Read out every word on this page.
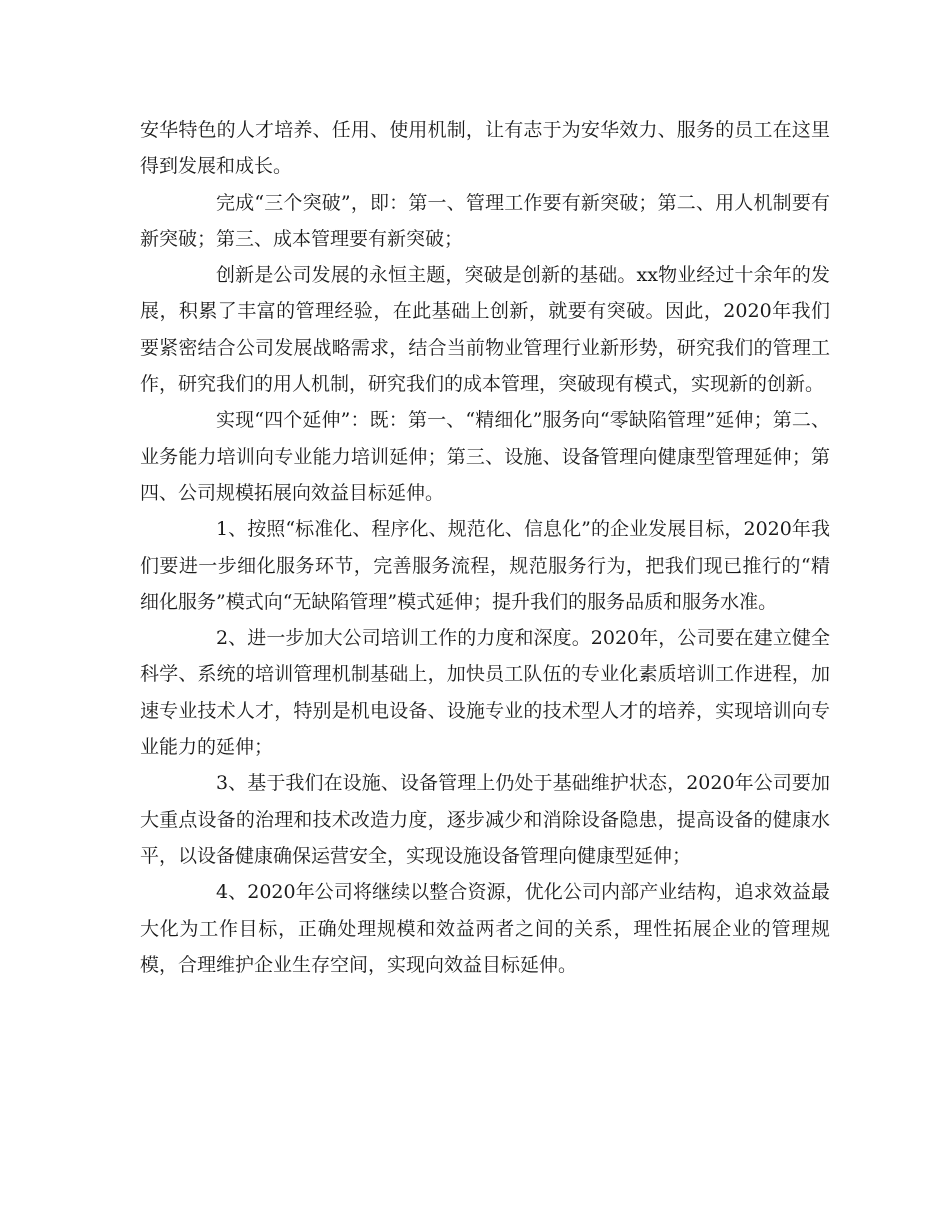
安华特色的人才培养、任用、使用机制，让有志于为安华效力、服务的员工在这里得到发展和成长。

完成“三个突破”，即：第一、管理工作要有新突破；第二、用人机制要有新突破；第三、成本管理要有新突破；

创新是公司发展的永恒主题，突破是创新的基础。xx物业经过十余年的发展，积累了丰富的管理经验，在此基础上创新，就要有突破。因此，2020年我们要紧密结合公司发展战略需求，结合当前物业管理行业新形势，研究我们的管理工作，研究我们的用人机制，研究我们的成本管理，突破现有模式，实现新的创新。

实现“四个延伸”：既：第一、“精细化”服务向“零缺陷管理”延伸；第二、业务能力培训向专业能力培训延伸；第三、设施、设备管理向健康型管理延伸；第四、公司规模拓展向效益目标延伸。

1、按照“标准化、程序化、规范化、信息化”的企业发展目标，2020年我们要进一步细化服务环节，完善服务流程，规范服务行为，把我们现已推行的“精细化服务”模式向“无缺陷管理”模式延伸；提升我们的服务品质和服务水准。

2、进一步加大公司培训工作的力度和深度。2020年，公司要在建立健全科学、系统的培训管理机制基础上，加快员工队伍的专业化素质培训工作进程，加速专业技术人才，特别是机电设备、设施专业的技术型人才的培养，实现培训向专业能力的延伸；

3、基于我们在设施、设备管理上仍处于基础维护状态，2020年公司要加大重点设备的治理和技术改造力度，逐步减少和消除设备隐患，提高设备的健康水平，以设备健康确保运营安全，实现设施设备管理向健康型延伸；

4、2020年公司将继续以整合资源，优化公司内部产业结构，追求效益最大化为工作目标，正确处理规模和效益两者之间的关系，理性拓展企业的管理规模，合理维护企业生存空间，实现向效益目标延伸。
